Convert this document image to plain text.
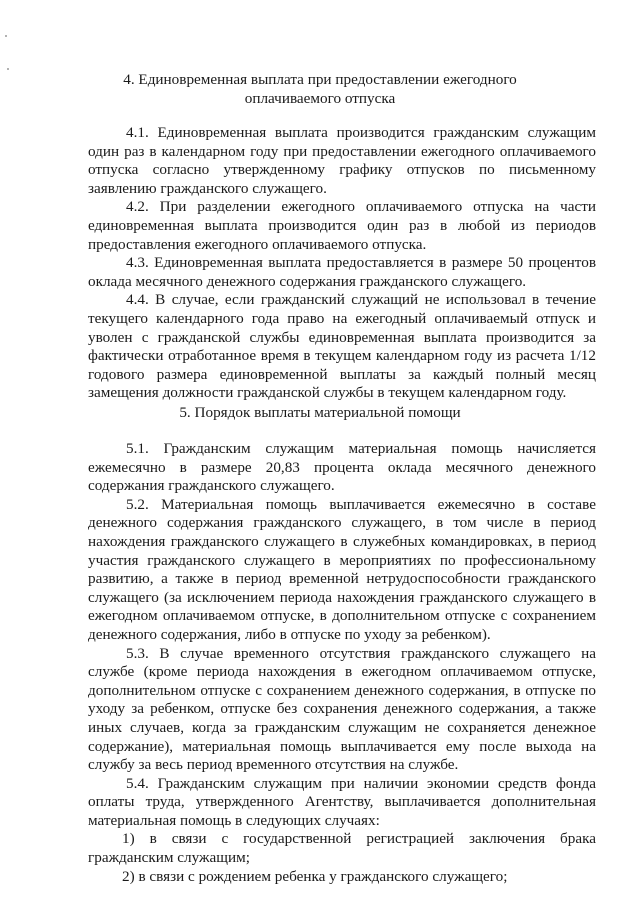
4. Единовременная выплата при предоставлении ежегодного
оплачиваемого отпуска

4.1. Единовременная выплата производится гражданским служащим один раз в календарном году при предоставлении ежегодного оплачиваемого отпуска согласно утвержденному графику отпусков по письменному заявлению гражданского служащего.

4.2. При разделении ежегодного оплачиваемого отпуска на части единовременная выплата производится один раз в любой из периодов предоставления ежегодного оплачиваемого отпуска.

4.3. Единовременная выплата предоставляется в размере 50 процентов оклада месячного денежного содержания гражданского служащего.

4.4. В случае, если гражданский служащий не использовал в течение текущего календарного года право на ежегодный оплачиваемый отпуск и уволен с гражданской службы единовременная выплата производится за фактически отработанное время в текущем календарном году из расчета 1/12 годового размера единовременной выплаты за каждый полный месяц замещения должности гражданской службы в текущем календарном году.

5. Порядок выплаты материальной помощи

5.1. Гражданским служащим материальная помощь начисляется ежемесячно в размере 20,83 процента оклада месячного денежного содержания гражданского служащего.

5.2. Материальная помощь выплачивается ежемесячно в составе денежного содержания гражданского служащего, в том числе в период нахождения гражданского служащего в служебных командировках, в период участия гражданского служащего в мероприятиях по профессиональному развитию, а также в период временной нетрудоспособности гражданского служащего (за исключением периода нахождения гражданского служащего в ежегодном оплачиваемом отпуске, в дополнительном отпуске с сохранением денежного содержания, либо в отпуске по уходу за ребенком).

5.3. В случае временного отсутствия гражданского служащего на службе (кроме периода нахождения в ежегодном оплачиваемом отпуске, дополнительном отпуске с сохранением денежного содержания, в отпуске по уходу за ребенком, отпуске без сохранения денежного содержания, а также иных случаев, когда за гражданским служащим не сохраняется денежное содержание), материальная помощь выплачивается ему после выхода на службу за весь период временного отсутствия на службе.

5.4. Гражданским служащим при наличии экономии средств фонда оплаты труда, утвержденного Агентству, выплачивается дополнительная материальная помощь в следующих случаях:

1) в связи с государственной регистрацией заключения брака гражданским служащим;

2) в связи с рождением ребенка у гражданского служащего;
